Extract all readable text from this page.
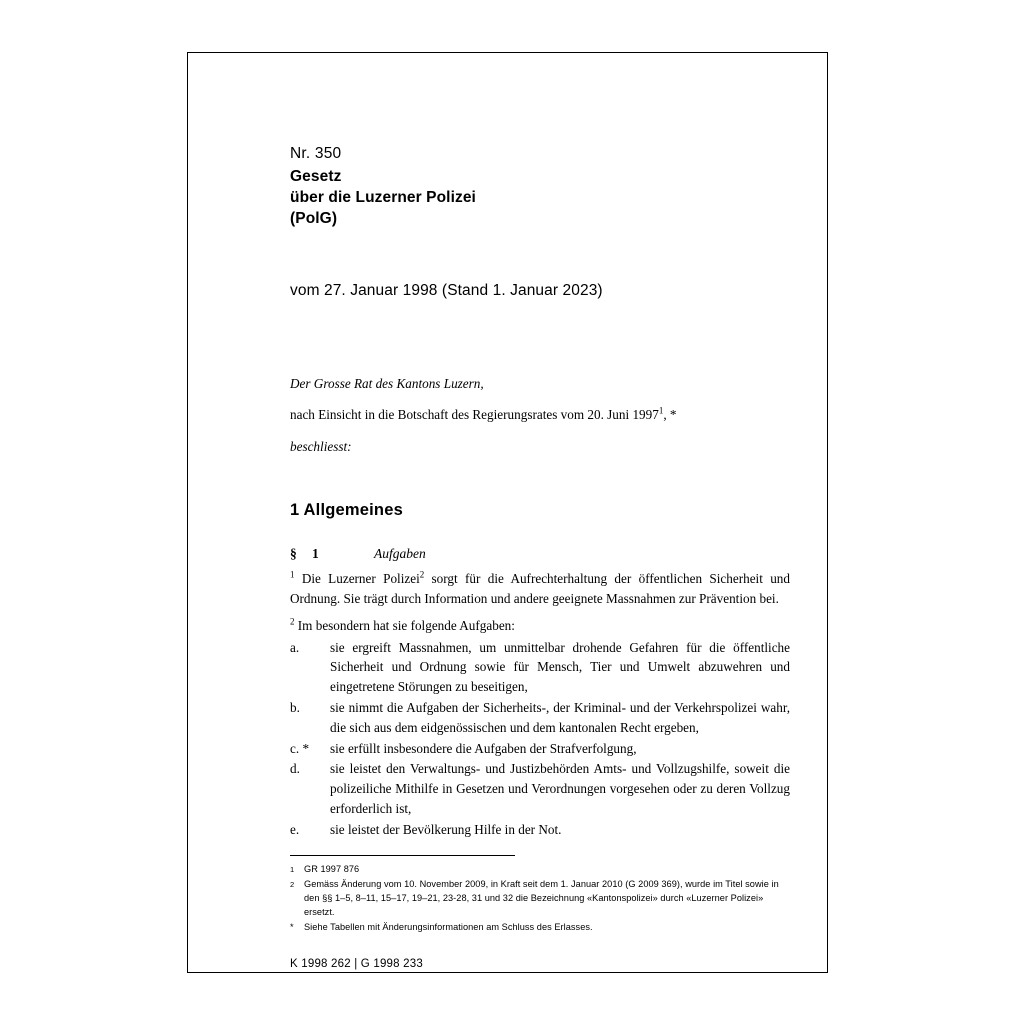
Nr. 350
Gesetz
über die Luzerner Polizei
(PolG)
vom 27. Januar 1998 (Stand 1. Januar 2023)

Der Grosse Rat des Kantons Luzern,

nach Einsicht in die Botschaft des Regierungsrates vom 20. Juni 1997$^1$, *

beschliesst:

1 Allgemeines
§	1	Aufgaben
$^1$ Die Luzerner Polizei$^2$ sorgt für die Aufrechterhaltung der öffentlichen Sicherheit und Ordnung. Sie trägt durch Information und andere geeignete Massnahmen zur Prävention bei.
$^2$ Im besondern hat sie folgende Aufgaben:
a.	sie ergreift Massnahmen, um unmittelbar drohende Gefahren für die öffentliche Sicherheit und Ordnung sowie für Mensch, Tier und Umwelt abzuwehren und eingetretene Störungen zu beseitigen,
b.	sie nimmt die Aufgaben der Sicherheits-, der Kriminal- und der Verkehrspolizei wahr, die sich aus dem eidgenössischen und dem kantonalen Recht ergeben,
c. *	sie erfüllt insbesondere die Aufgaben der Strafverfolgung,
d.	sie leistet den Verwaltungs- und Justizbehörden Amts- und Vollzugshilfe, soweit die polizeiliche Mithilfe in Gesetzen und Verordnungen vorgesehen oder zu deren Vollzug erforderlich ist,
e.	sie leistet der Bevölkerung Hilfe in der Not.
1	GR 1997 876
2	Gemäss Änderung vom 10. November 2009, in Kraft seit dem 1. Januar 2010 (G 2009 369), wurde im Titel sowie in den §§ 1–5, 8–11, 15–17, 19–21, 23-28, 31 und 32 die Bezeichnung «Kantonspolizei» durch «Luzerner Polizei» ersetzt.
*	Siehe Tabellen mit Änderungsinformationen am Schluss des Erlasses.
K 1998 262 | G 1998 233
